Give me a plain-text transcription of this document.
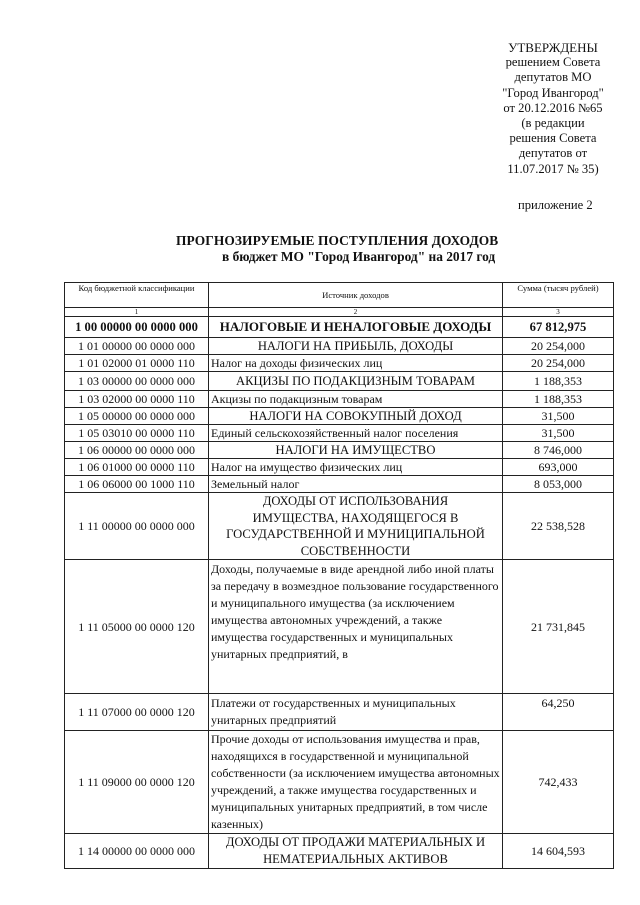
УТВЕРЖДЕНЫ
решением Совета
депутатов МО
"Город Ивангород"
от 20.12.2016 №65
(в редакции
решения Совета
депутатов от
11.07.2017 № 35)
приложение 2
ПРОГНОЗИРУЕМЫЕ ПОСТУПЛЕНИЯ ДОХОДОВ
в бюджет МО "Город Ивангород" на 2017 год
Код бюджетной классификации	Источник доходов	Сумма (тысяч рублей)
1	2	3
1 00 00000 00 0000 000	НАЛОГОВЫЕ И НЕНАЛОГОВЫЕ ДОХОДЫ	67 812,975
1 01 00000 00 0000 000	НАЛОГИ НА ПРИБЫЛЬ, ДОХОДЫ	20 254,000
1 01 02000 01 0000 110	Налог на доходы физических лиц	20 254,000
1 03 00000 00 0000 000	АКЦИЗЫ ПО ПОДАКЦИЗНЫМ ТОВАРАМ	1 188,353
1 03 02000 00 0000 110	Акцизы по подакцизным товарам	1 188,353
1 05 00000 00 0000 000	НАЛОГИ НА СОВОКУПНЫЙ ДОХОД	31,500
1 05 03010 00 0000 110	Единый сельскохозяйственный налог поселения	31,500
1 06 00000 00 0000 000	НАЛОГИ НА ИМУЩЕСТВО	8 746,000
1 06 01000 00 0000 110	Налог на имущество физических лиц	693,000
1 06 06000 00 1000 110	Земельный налог	8 053,000
1 11 00000 00 0000 000	ДОХОДЫ ОТ ИСПОЛЬЗОВАНИЯ ИМУЩЕСТВА, НАХОДЯЩЕГОСЯ В ГОСУДАРСТВЕННОЙ И МУНИЦИПАЛЬНОЙ СОБСТВЕННОСТИ	22 538,528
1 11 05000 00 0000 120	Доходы, получаемые в виде арендной либо иной платы за передачу в возмездное пользование государственного и муниципального имущества (за исключением имущества автономных учреждений, а также имущества государственных и муниципальных унитарных предприятий, в	21 731,845
1 11 07000 00 0000 120	Платежи от государственных и муниципальных унитарных предприятий	64,250
1 11 09000 00 0000 120	Прочие доходы от использования имущества и прав, находящихся в государственной и муниципальной собственности (за исключением имущества автономных учреждений, а также имущества государственных и муниципальных унитарных предприятий, в том числе казенных)	742,433
1 14 00000 00 0000 000	ДОХОДЫ ОТ ПРОДАЖИ МАТЕРИАЛЬНЫХ И НЕМАТЕРИАЛЬНЫХ АКТИВОВ	14 604,593
